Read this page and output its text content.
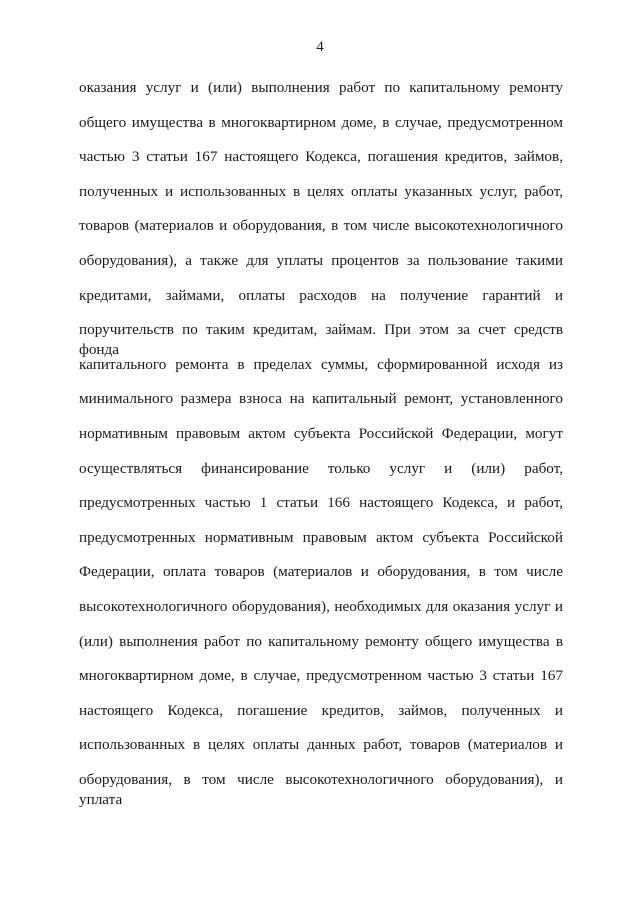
4
оказания услуг и (или) выполнения работ по капитальному ремонту
общего имущества в многоквартирном доме, в случае, предусмотренном
частью 3 статьи 167 настоящего Кодекса, погашения кредитов, займов,
полученных и использованных в целях оплаты указанных услуг, работ,
товаров (материалов и оборудования, в том числе высокотехнологичного
оборудования), а также для уплаты процентов за пользование такими
кредитами, займами, оплаты расходов на получение гарантий и
поручительств по таким кредитам, займам. При этом за счет средств фонда
капитального ремонта в пределах суммы, сформированной исходя из
минимального размера взноса на капитальный ремонт, установленного
нормативным правовым актом субъекта Российской Федерации, могут
осуществляться финансирование только услуг и (или) работ,
предусмотренных частью 1 статьи 166 настоящего Кодекса, и работ,
предусмотренных нормативным правовым актом субъекта Российской
Федерации, оплата товаров (материалов и оборудования, в том числе
высокотехнологичного оборудования), необходимых для оказания услуг и
(или) выполнения работ по капитальному ремонту общего имущества в
многоквартирном доме, в случае, предусмотренном частью 3 статьи 167
настоящего Кодекса, погашение кредитов, займов, полученных и
использованных в целях оплаты данных работ, товаров (материалов и
оборудования, в том числе высокотехнологичного оборудования), и уплата
